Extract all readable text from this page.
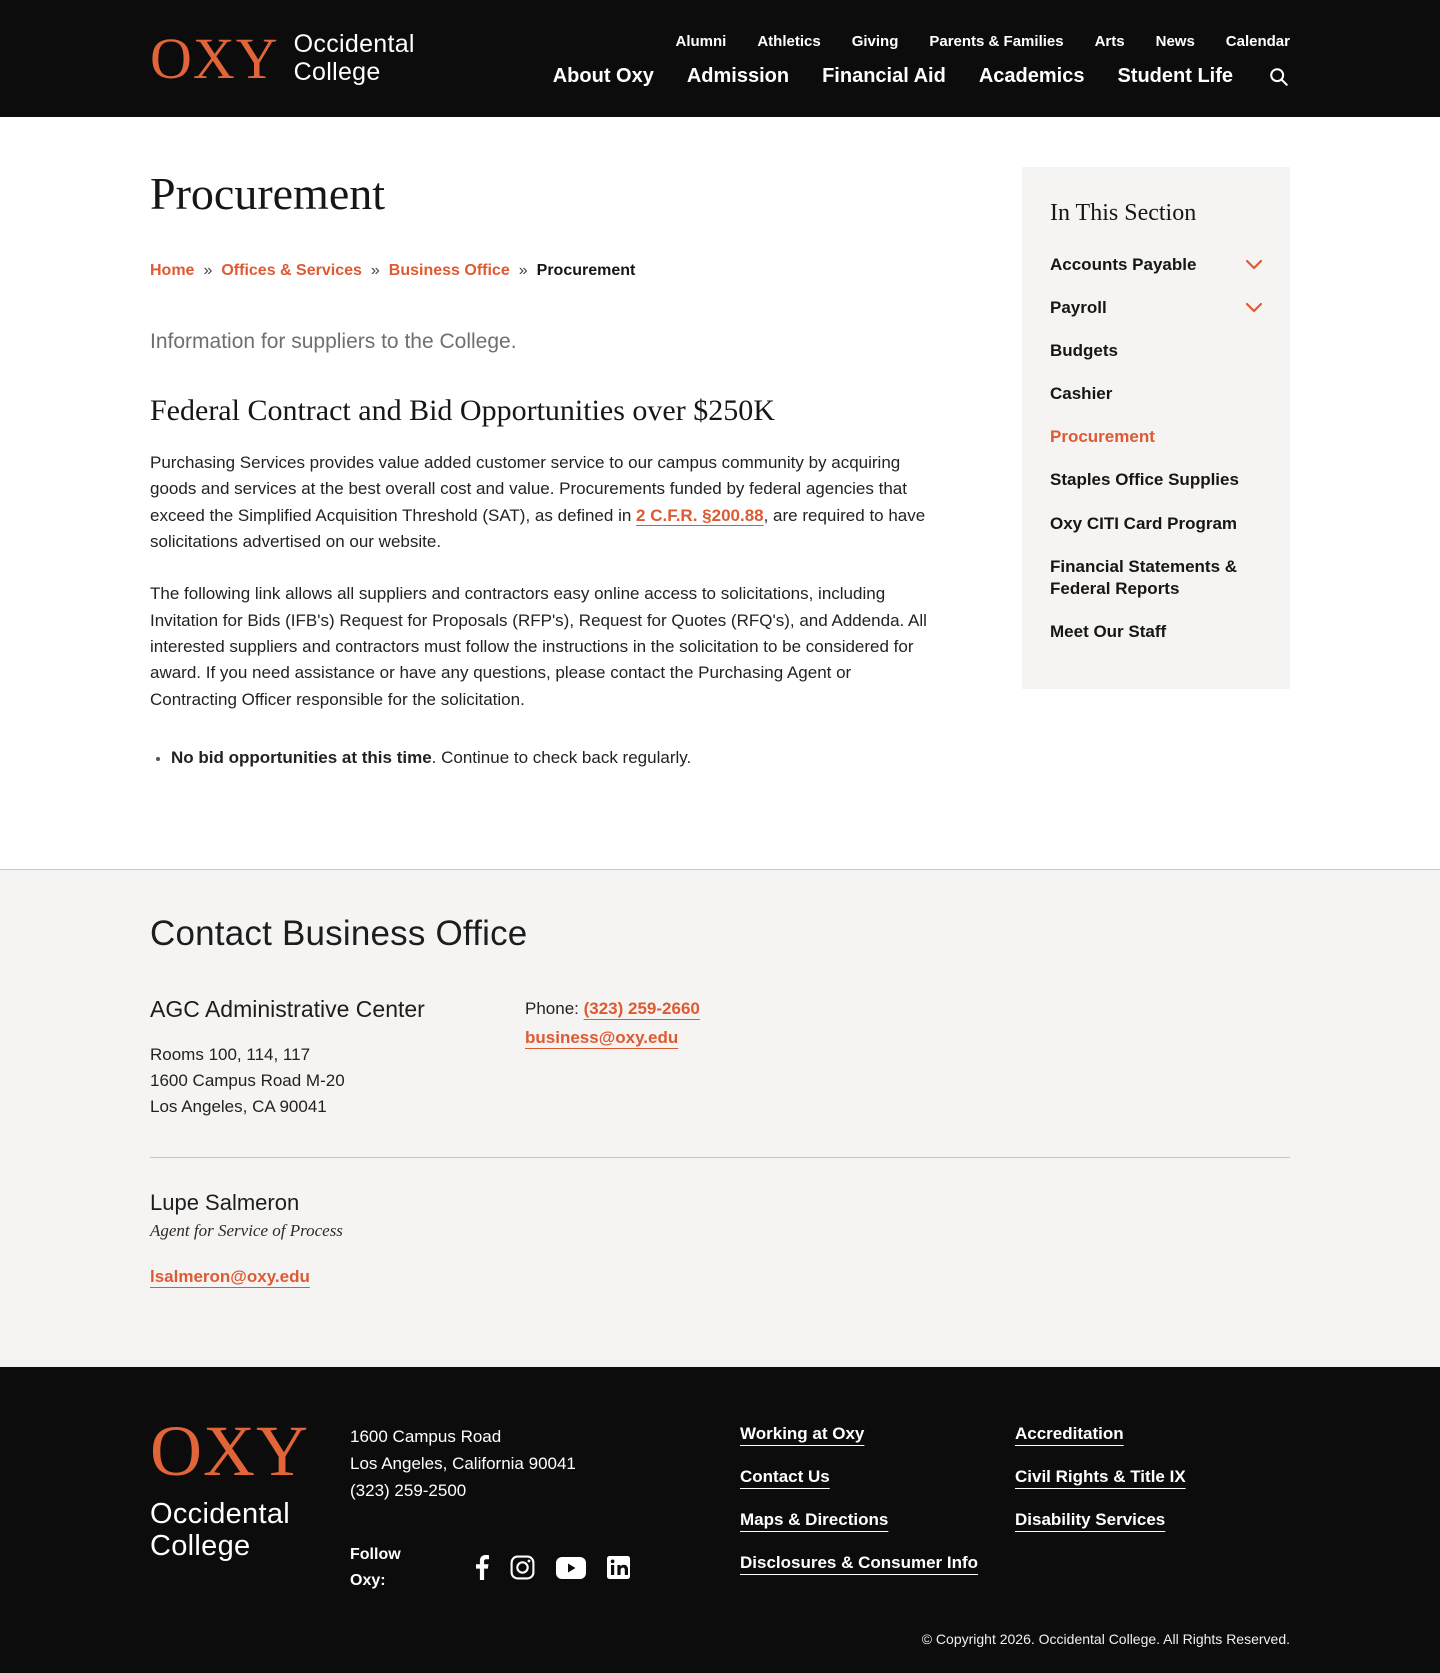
OXY Occidental
College
Alumni Athletics Giving Parents & Families Arts News Calendar
About Oxy Admission Financial Aid Academics Student Life
Procurement
Home » Offices & Services » Business Office » Procurement
Information for suppliers to the College.
Federal Contract and Bid Opportunities over $250K

Purchasing Services provides value added customer service to our campus community by acquiring goods and services at the best overall cost and value. Procurements funded by federal agencies that exceed the Simplified Acquisition Threshold (SAT), as defined in 2 C.F.R. §200.88, are required to have solicitations advertised on our website.

The following link allows all suppliers and contractors easy online access to solicitations, including Invitation for Bids (IFB's) Request for Proposals (RFP's), Request for Quotes (RFQ's), and Addenda. All interested suppliers and contractors must follow the instructions in the solicitation to be considered for award. If you need assistance or have any questions, please contact the Purchasing Agent or Contracting Officer responsible for the solicitation.

• No bid opportunities at this time. Continue to check back regularly.
In This Section
Accounts Payable
Payroll
Budgets
Cashier
Procurement
Staples Office Supplies
Oxy CITI Card Program
Financial Statements & Federal Reports
Meet Our Staff
Contact Business Office
AGC Administrative Center
Rooms 100, 114, 117
1600 Campus Road M-20
Los Angeles, CA 90041
Phone: (323) 259-2660
business@oxy.edu
Lupe Salmeron
Agent for Service of Process
lsalmeron@oxy.edu
OXY
Occidental
College
1600 Campus Road
Los Angeles, California 90041
(323) 259-2500
Follow Oxy:
Working at Oxy
Contact Us
Maps & Directions
Disclosures & Consumer Info
Accreditation
Civil Rights & Title IX
Disability Services
© Copyright 2026. Occidental College. All Rights Reserved.
